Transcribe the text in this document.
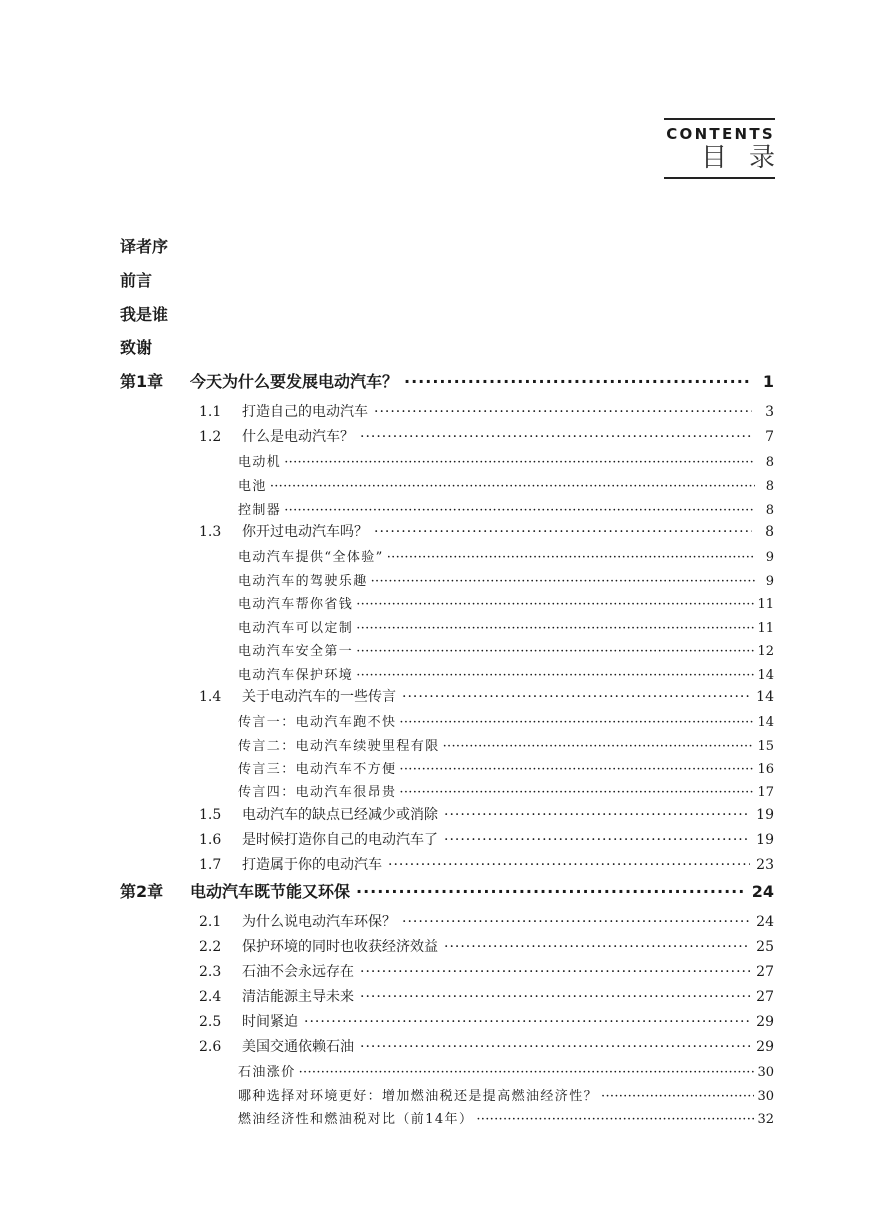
CONTENTS
目录
译者序
前言
我是谁
致谢
第1章	今天为什么要发展电动汽车？ ·····	1
1.1	打造自己的电动汽车 ·····	3
1.2	什么是电动汽车？ ·····	7
电动机 ·····	8
电池 ·····	8
控制器 ·····	8
1.3	你开过电动汽车吗？ ·····	8
电动汽车提供“全体验” ·····	9
电动汽车的驾驶乐趣 ·····	9
电动汽车帮你省钱 ·····	11
电动汽车可以定制 ·····	11
电动汽车安全第一 ·····	12
电动汽车保护环境 ·····	14
1.4	关于电动汽车的一些传言 ·····	14
传言一：电动汽车跑不快 ·····	14
传言二：电动汽车续驶里程有限 ·····	15
传言三：电动汽车不方便 ·····	16
传言四：电动汽车很昂贵 ·····	17
1.5	电动汽车的缺点已经减少或消除 ·····	19
1.6	是时候打造你自己的电动汽车了 ·····	19
1.7	打造属于你的电动汽车 ·····	23
第2章	电动汽车既节能又环保 ·····	24
2.1	为什么说电动汽车环保？ ·····	24
2.2	保护环境的同时也收获经济效益 ·····	25
2.3	石油不会永远存在 ·····	27
2.4	清洁能源主导未来 ·····	27
2.5	时间紧迫 ·····	29
2.6	美国交通依赖石油 ·····	29
石油涨价 ·····	30
哪种选择对环境更好：增加燃油税还是提高燃油经济性？ ·····	30
燃油经济性和燃油税对比（前14年） ·····	32
